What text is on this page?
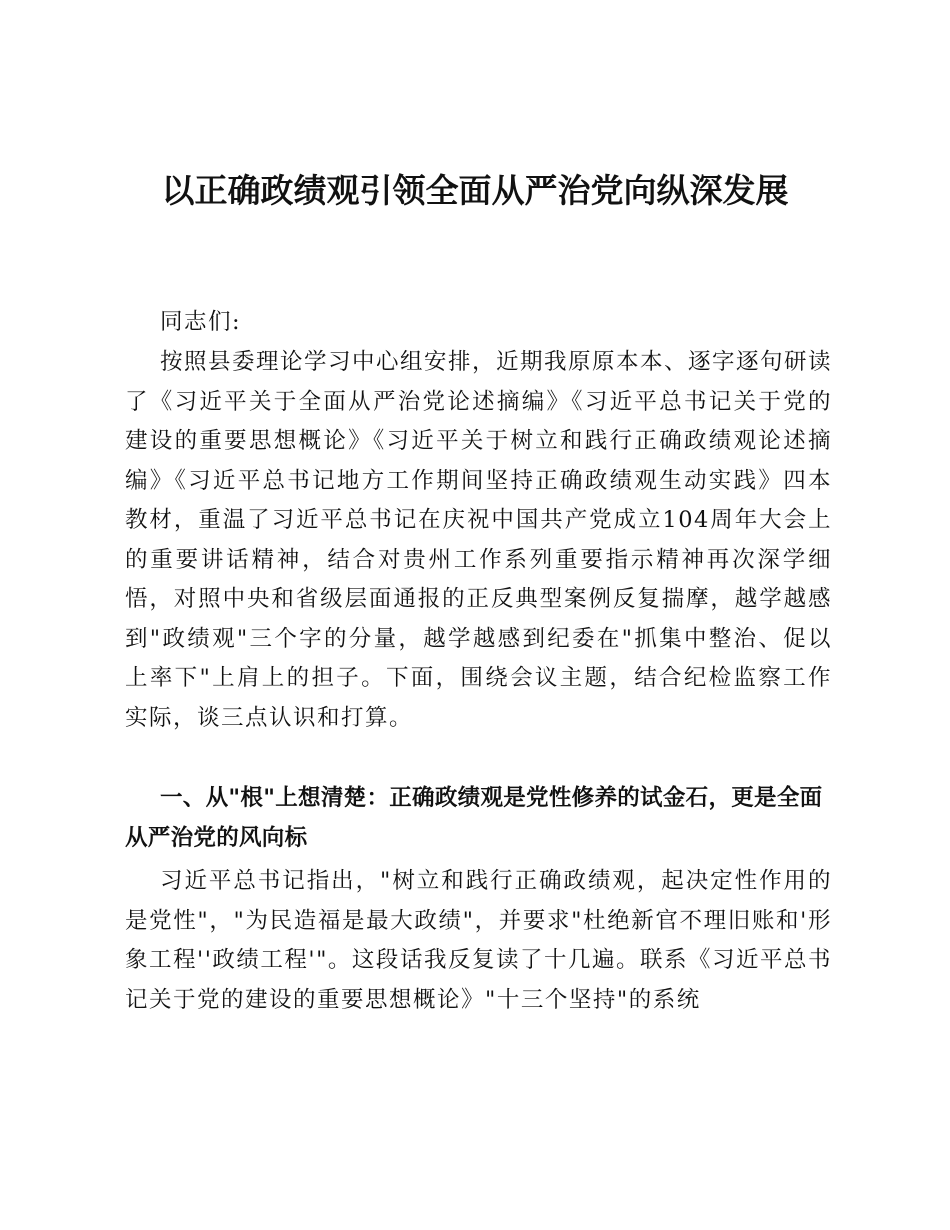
以正确政绩观引领全面从严治党向纵深发展

同志们:

按照县委理论学习中心组安排，近期我原原本本、逐字逐句研读了《习近平关于全面从严治党论述摘编》《习近平总书记关于党的建设的重要思想概论》《习近平关于树立和践行正确政绩观论述摘编》《习近平总书记地方工作期间坚持正确政绩观生动实践》四本教材，重温了习近平总书记在庆祝中国共产党成立104周年大会上的重要讲话精神，结合对贵州工作系列重要指示精神再次深学细悟，对照中央和省级层面通报的正反典型案例反复揣摩，越学越感到"政绩观"三个字的分量，越学越感到纪委在"抓集中整治、促以上率下"上肩上的担子。下面，围绕会议主题，结合纪检监察工作实际，谈三点认识和打算。

一、从"根"上想清楚：正确政绩观是党性修养的试金石，更是全面从严治党的风向标

习近平总书记指出，"树立和践行正确政绩观，起决定性作用的是党性"，"为民造福是最大政绩"，并要求"杜绝新官不理旧账和'形象工程''政绩工程'"。这段话我反复读了十几遍。联系《习近平总书记关于党的建设的重要思想概论》"十三个坚持"的系统
